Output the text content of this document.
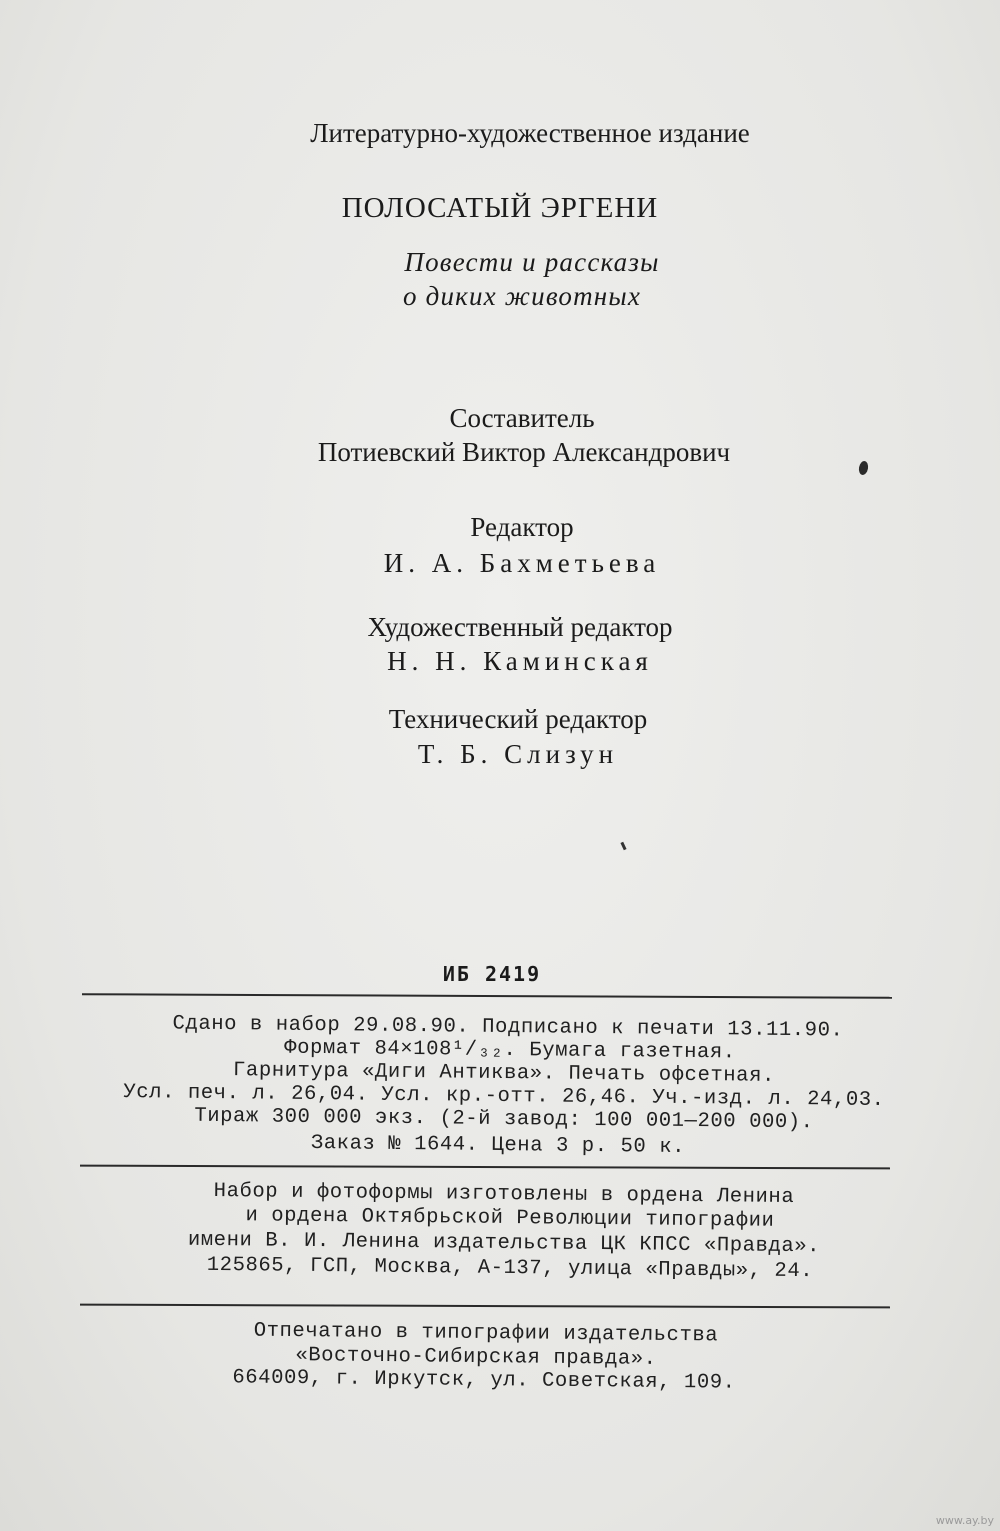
Литературно-художественное издание
ПОЛОСАТЫЙ ЭРГЕНИ
Повести и рассказы
о диких животных
Составитель
Потиевский Виктор Александрович
Редактор
И. А. Бахметьева
Художественный редактор
Н. Н. Каминская
Технический редактор
Т. Б. Слизун
ИБ 2419
Сдано в набор 29.08.90. Подписано к печати 13.11.90.
Формат 84×108¹/₃₂. Бумага газетная.
Гарнитура «Диги Антиква». Печать офсетная.
Усл. печ. л. 26,04. Усл. кр.-отт. 26,46. Уч.-изд. л. 24,03.
Тираж 300 000 экз. (2-й завод: 100 001—200 000).
Заказ № 1644. Цена 3 р. 50 к.
Набор и фотоформы изготовлены в ордена Ленина
и ордена Октябрьской Революции типографии
имени В. И. Ленина издательства ЦК КПСС «Правда».
125865, ГСП, Москва, А-137, улица «Правды», 24.
Отпечатано в типографии издательства
«Восточно-Сибирская правда».
664009, г. Иркутск, ул. Советская, 109.
www.ay.by
